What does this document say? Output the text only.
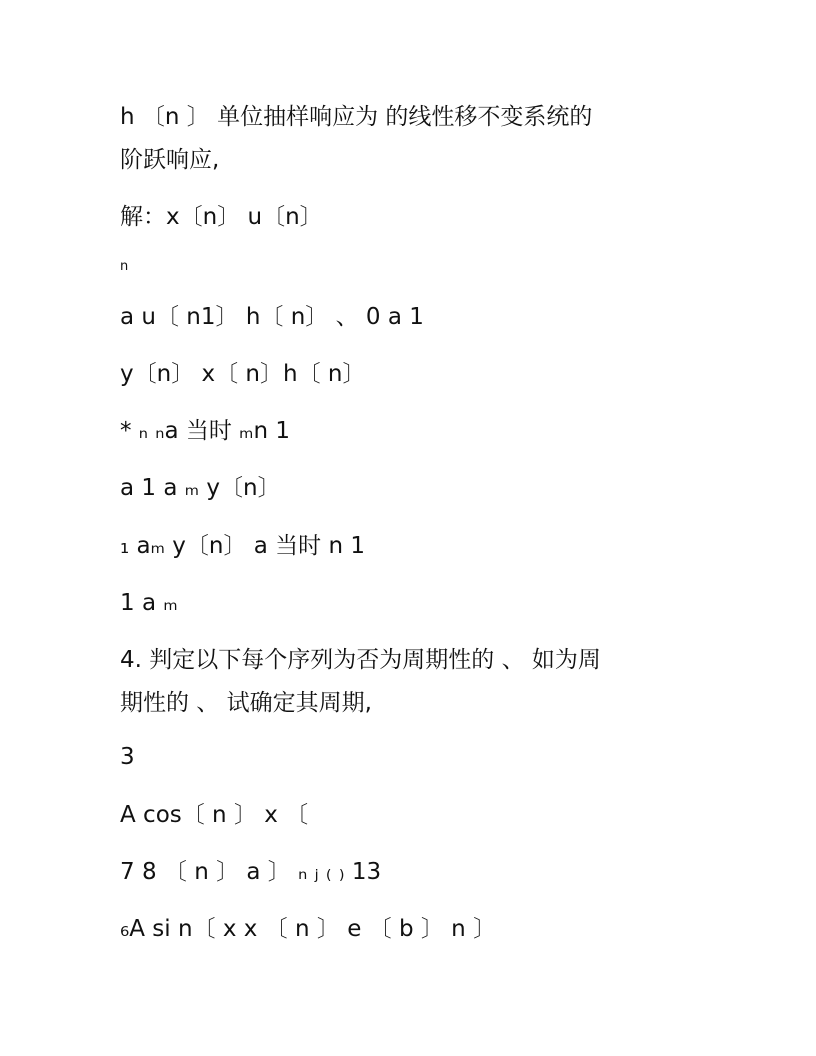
h 〔n 〕 单位抽样响应为 的线性移不变系统的
阶跃响应,
解：x〔n〕 u〔n〕
n
a u〔 n1〕 h〔 n〕 、 0 a 1
y〔n〕 x〔 n〕h〔 n〕
* ₙ ₙa 当时 ₘn 1
a 1 a ₘ y〔n〕
₁ aₘ y〔n〕 a 当时 n 1
1 a ₘ
4. 判定以下每个序列为否为周期性的 、 如为周
期性的 、 试确定其周期,
3
A cos〔 n 〕 x 〔
7 8 〔 n 〕 a 〕 ₙ ⱼ ₍ ₎ 13
₆A si n〔 x x 〔 n 〕 e 〔 b 〕 n 〕
